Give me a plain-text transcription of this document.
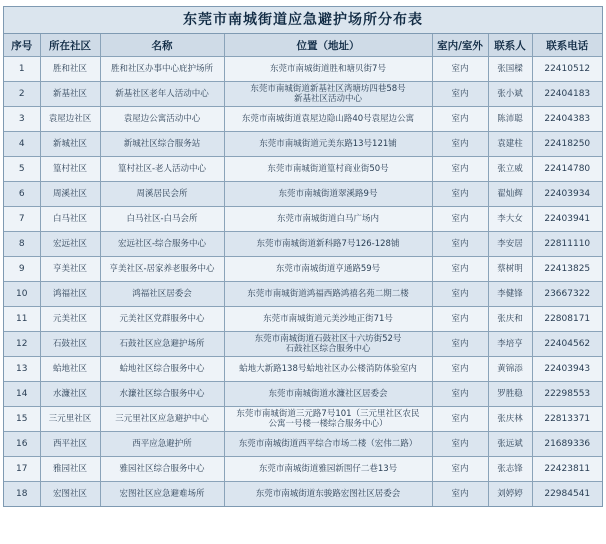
东莞市南城街道应急避护场所分布表
序号	所在社区	名称	位置（地址）	室内/室外	联系人	联系电话
1	胜和社区	胜和社区办事中心庇护场所	东莞市南城街道胜和塘贝街7号	室内	张国樑	22410512
2	新基社区	新基社区老年人活动中心	东莞市南城街道新基社区湾塘坊四巷58号
新基社区活动中心	室内	张小斌	22404183
3	袁屋边社区	袁屋边公寓活动中心	东莞市南城街道袁屋边隐山路40号袁屋边公寓	室内	陈沛聪	22404383
4	新城社区	新城社区综合服务站	东莞市南城街道元美东路13号121铺	室内	袁建柱	22418250
5	篁村社区	篁村社区-老人活动中心	东莞市南城街道篁村商业街50号	室内	张立威	22414780
6	周溪社区	周溪居民会所	东莞市南城街道翠溪路9号	室内	翟灿辉	22403934
7	白马社区	白马社区-白马会所	东莞市南城街道白马广场内	室内	李大女	22403941
8	宏远社区	宏远社区-综合服务中心	东莞市南城街道新科路7号126-128铺	室内	李安居	22811110
9	亨美社区	亨美社区-居家养老服务中心	东莞市南城街道亨通路59号	室内	蔡树明	22413825
10	鸿福社区	鸿福社区居委会	东莞市南城街道鸿福西路鸿禧名苑二期二楼	室内	李健锋	23667322
11	元美社区	元美社区党群服务中心	东莞市南城街道元美沙地正街71号	室内	张庆和	22808171
12	石鼓社区	石鼓社区应急避护场所	东莞市南城街道石鼓社区十六坊街52号
石鼓社区综合服务中心	室内	李培亨	22404562
13	蛤地社区	蛤地社区综合服务中心	蛤地大新路138号蛤地社区办公楼消防体验室内	室内	黄锦添	22403943
14	水濂社区	水濂社区综合服务中心	东莞市南城街道水濂社区居委会	室内	罗胜稳	22298553
15	三元里社区	三元里社区应急避护中心	东莞市南城街道三元路7号101（三元里社区农民
公寓一号楼一楼综合服务中心）	室内	张庆林	22813371
16	西平社区	西平应急避护所	东莞市南城街道西平综合市场二楼（宏伟二路）	室内	张远斌	21689336
17	雅园社区	雅园社区综合服务中心	东莞市南城街道雅园新围仔二巷13号	室内	张志锋	22423811
18	宏图社区	宏图社区应急避难场所	东莞市南城街道东骏路宏图社区居委会	室内	刘婷婷	22984541
